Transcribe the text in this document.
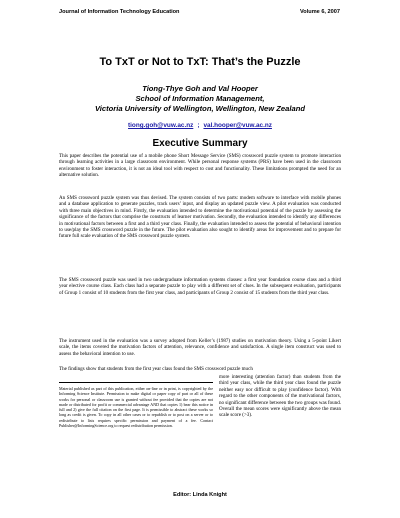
Journal of Information Technology Education	Volume 6, 2007
To TxT or Not to TxT: That’s the Puzzle
Tiong-Thye Goh and Val Hooper
School of Information Management,
Victoria University of Wellington, Wellington, New Zealand
tiong.goh@vuw.ac.nz ; val.hooper@vuw.ac.nz
Executive Summary

This paper describes the potential use of a mobile phone Short Message Service (SMS) crossword puzzle system to promote interaction through learning activities in a large classroom environment. While personal response systems (PRS) have been used in the classroom environment to foster interaction, it is not an ideal tool with respect to cost and functionality. These limitations prompted the need for an alternative solution.

An SMS crossword puzzle system was thus devised. The system consists of two parts: modem software to interface with mobile phones and a database application to generate puzzles, track users’ input, and display an updated puzzle view. A pilot evaluation was conducted with three main objectives in mind. Firstly, the evaluation intended to determine the motivational potential of the puzzle by assessing the significance of the factors that comprise the constructs of learner motivation. Secondly, the evaluation intended to identify any differences in motivational factors between a first and a third year class. Finally, the evaluation intended to assess the potential of behavioral intention to use/play the SMS crossword puzzle in the future. The pilot evaluation also sought to identify areas for improvement and to prepare for future full scale evaluation of the SMS crossword puzzle system.

The SMS crossword puzzle was used in two undergraduate information systems classes: a first year foundation course class and a third year elective course class. Each class had a separate puzzle to play with a different set of clues. In the subsequent evaluation, participants of Group 1 consist of 10 students from the first year class, and participants of Group 2 consist of 15 students from the third year class.

The instrument used in the evaluation was a survey adopted from Keller’s (1987) studies on motivation theory. Using a 5-point Likert scale, the items covered the motivation factors of attention, relevance, confidence and satisfaction. A single item construct was used to assess the behavioral intention to use.

The findings show that students from the first year class found the SMS crossword puzzle much

Material published as part of this publication, either on-line or in print, is copyrighted by the Informing Science Institute. Permission to make digital or paper copy of part or all of these works for personal or classroom use is granted without fee provided that the copies are not made or distributed for profit or commercial advantage AND that copies 1) bear this notice in full and 2) give the full citation on the first page. It is permissible to abstract these works so long as credit is given. To copy in all other cases or to republish or to post on a server or to redistribute to lists requires specific permission and payment of a fee. Contact Publisher@InformingScience.org to request redistribution permission.
more interesting (attention factor) than students from the third year class, while the third year class found the puzzle neither easy nor difficult to play (confidence factor). With regard to the other components of the motivational factors, no significant difference between the two groups was found. Overall the mean scores were significantly above the mean scale score (>3).
Editor: Linda Knight
